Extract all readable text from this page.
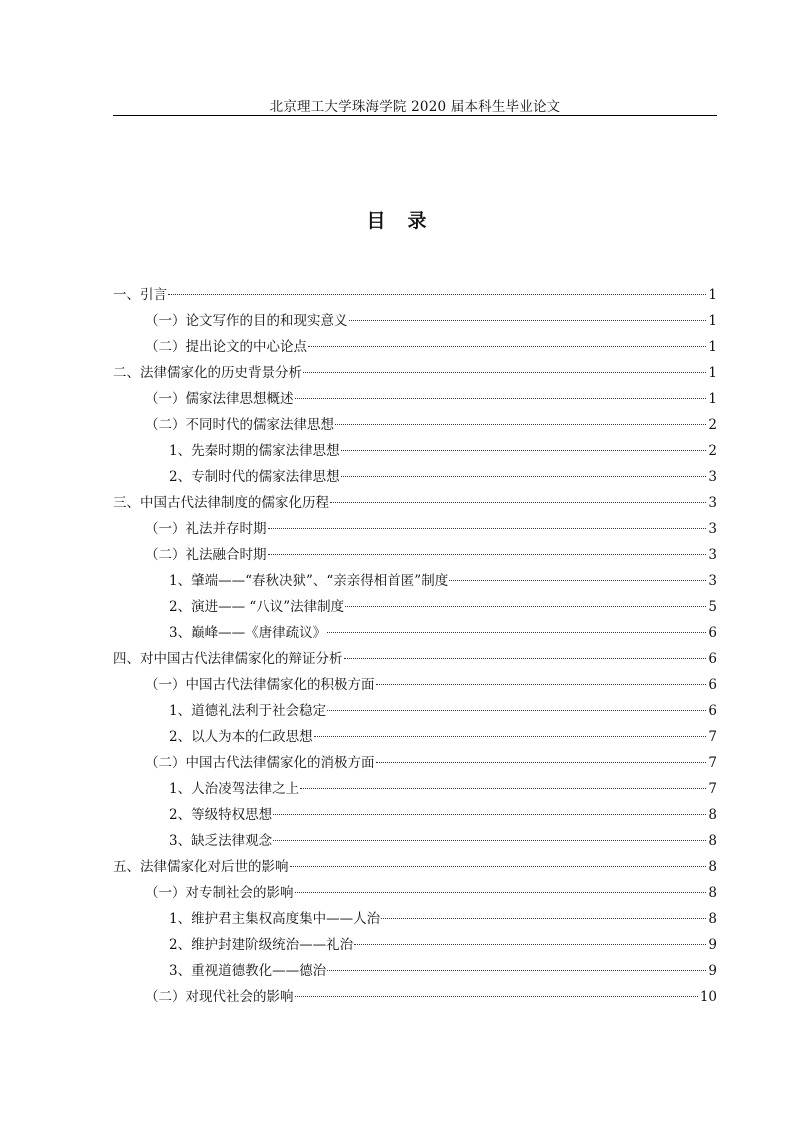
北京理工大学珠海学院 2020 届本科生毕业论文
目录
一、引言	1
（一）论文写作的目的和现实意义	1
（二）提出论文的中心论点	1
二、法律儒家化的历史背景分析	1
（一）儒家法律思想概述	1
（二）不同时代的儒家法律思想	2
1、先秦时期的儒家法律思想	2
2、专制时代的儒家法律思想	3
三、中国古代法律制度的儒家化历程	3
（一）礼法并存时期	3
（二）礼法融合时期	3
1、肇端——“春秋决狱”、“亲亲得相首匿”制度	3
2、演进—— “八议”法律制度	5
3、巅峰——《唐律疏议》	6
四、对中国古代法律儒家化的辩证分析	6
（一）中国古代法律儒家化的积极方面	6
1、道德礼法利于社会稳定	6
2、以人为本的仁政思想	7
（二）中国古代法律儒家化的消极方面	7
1、人治凌驾法律之上	7
2、等级特权思想	8
3、缺乏法律观念	8
五、法律儒家化对后世的影响	8
（一）对专制社会的影响	8
1、维护君主集权高度集中——人治	8
2、维护封建阶级统治——礼治	9
3、重视道德教化——德治	9
（二）对现代社会的影响	10
